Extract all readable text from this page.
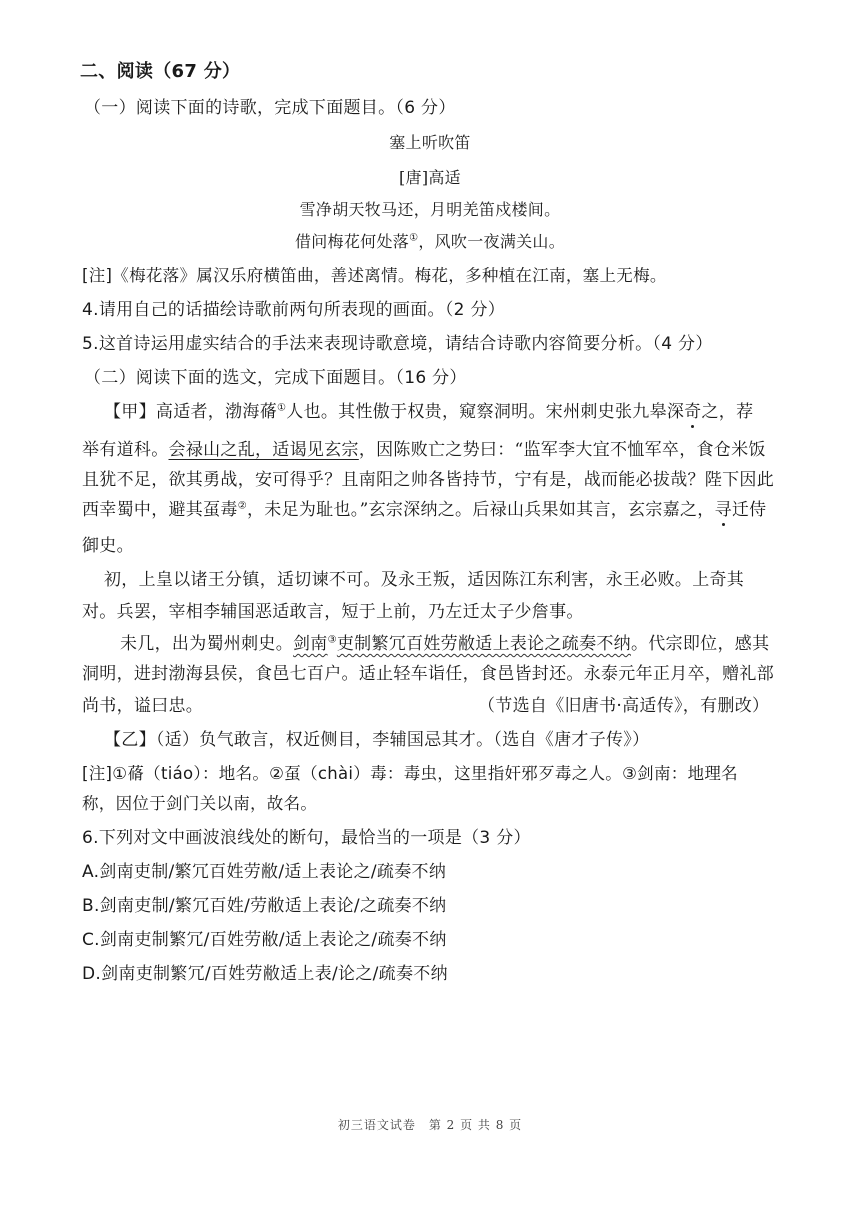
二、阅读（67 分）
（一）阅读下面的诗歌，完成下面题目。（6 分）
塞上听吹笛
[唐]高适
雪净胡天牧马还，月明羌笛戍楼间。
借问梅花何处落①，风吹一夜满关山。
[注]《梅花落》属汉乐府横笛曲，善述离情。梅花，多种植在江南，塞上无梅。
4.请用自己的话描绘诗歌前两句所表现的画面。（2 分）
5.这首诗运用虚实结合的手法来表现诗歌意境，请结合诗歌内容简要分析。（4 分）
（二）阅读下面的选文，完成下面题目。（16 分）
【甲】高适者，渤海蓨①人也。其性傲于权贵，窥察洞明。宋州刺史张九皋深奇之，荐
举有道科。会禄山之乱，适谒见玄宗，因陈败亡之势曰：“监军李大宜不恤军卒，食仓米饭
且犹不足，欲其勇战，安可得乎？且南阳之帅各皆持节，宁有是，战而能必拔哉？陛下因此
西幸蜀中，避其虿毒②，未足为耻也。”玄宗深纳之。后禄山兵果如其言，玄宗嘉之，寻迁侍
御史。
初，上皇以诸王分镇，适切谏不可。及永王叛，适因陈江东利害，永王必败。上奇其
对。兵罢，宰相李辅国恶适敢言，短于上前，乃左迁太子少詹事。
未几，出为蜀州刺史。剑南③吏制繁冗百姓劳敝适上表论之疏奏不纳。代宗即位，感其
洞明，进封渤海县侯，食邑七百户。适止轻车诣任，食邑皆封还。永泰元年正月卒，赠礼部
尚书，谥曰忠。	（节选自《旧唐书·高适传》，有删改）
【乙】（适）负气敢言，权近侧目，李辅国忌其才。（选自《唐才子传》）
[注]①蓨（tiáo）：地名。②虿（chài）毒：毒虫，这里指奸邪歹毒之人。③剑南：地理名
称，因位于剑门关以南，故名。
6.下列对文中画波浪线处的断句，最恰当的一项是（3 分）
A.剑南吏制/繁冗百姓劳敝/适上表论之/疏奏不纳
B.剑南吏制/繁冗百姓/劳敝适上表论/之疏奏不纳
C.剑南吏制繁冗/百姓劳敝/适上表论之/疏奏不纳
D.剑南吏制繁冗/百姓劳敝适上表/论之/疏奏不纳
初三语文试卷　第 2 页 共 8 页
